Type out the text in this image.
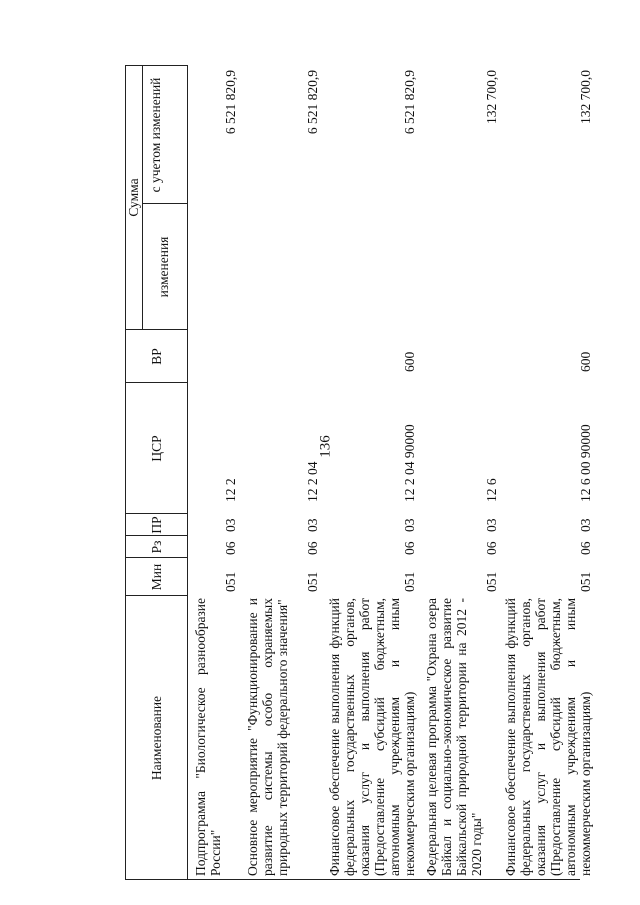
136
Наименование
Мин
Рз
ПР
ЦСР
ВР
Сумма
изменения
с учетом изменений
Подпрограмма "Биологическое разнообразие России"
051
06
03
12 2
6 521 820,9
Основное мероприятие "Функционирование и развитие системы особо охраняемых природных территорий федерального значения"
051
06
03
12 2 04
6 521 820,9
Финансовое обеспечение выполнения функций федеральных государственных органов, оказания услуг и выполнения работ (Предоставление субсидий бюджетным, автономным учреждениям и иным некоммерческим организациям)
051
06
03
12 2 04 90000
600
6 521 820,9
Федеральная целевая программа "Охрана озера Байкал и социально-экономическое развитие Байкальской природной территории на 2012 - 2020 годы"
051
06
03
12 6
132 700,0
Финансовое обеспечение выполнения функций федеральных государственных органов, оказания услуг и выполнения работ (Предоставление субсидий бюджетным, автономным учреждениям и иным некоммерческим организациям)
051
06
03
12 6 00 90000
600
132 700,0
